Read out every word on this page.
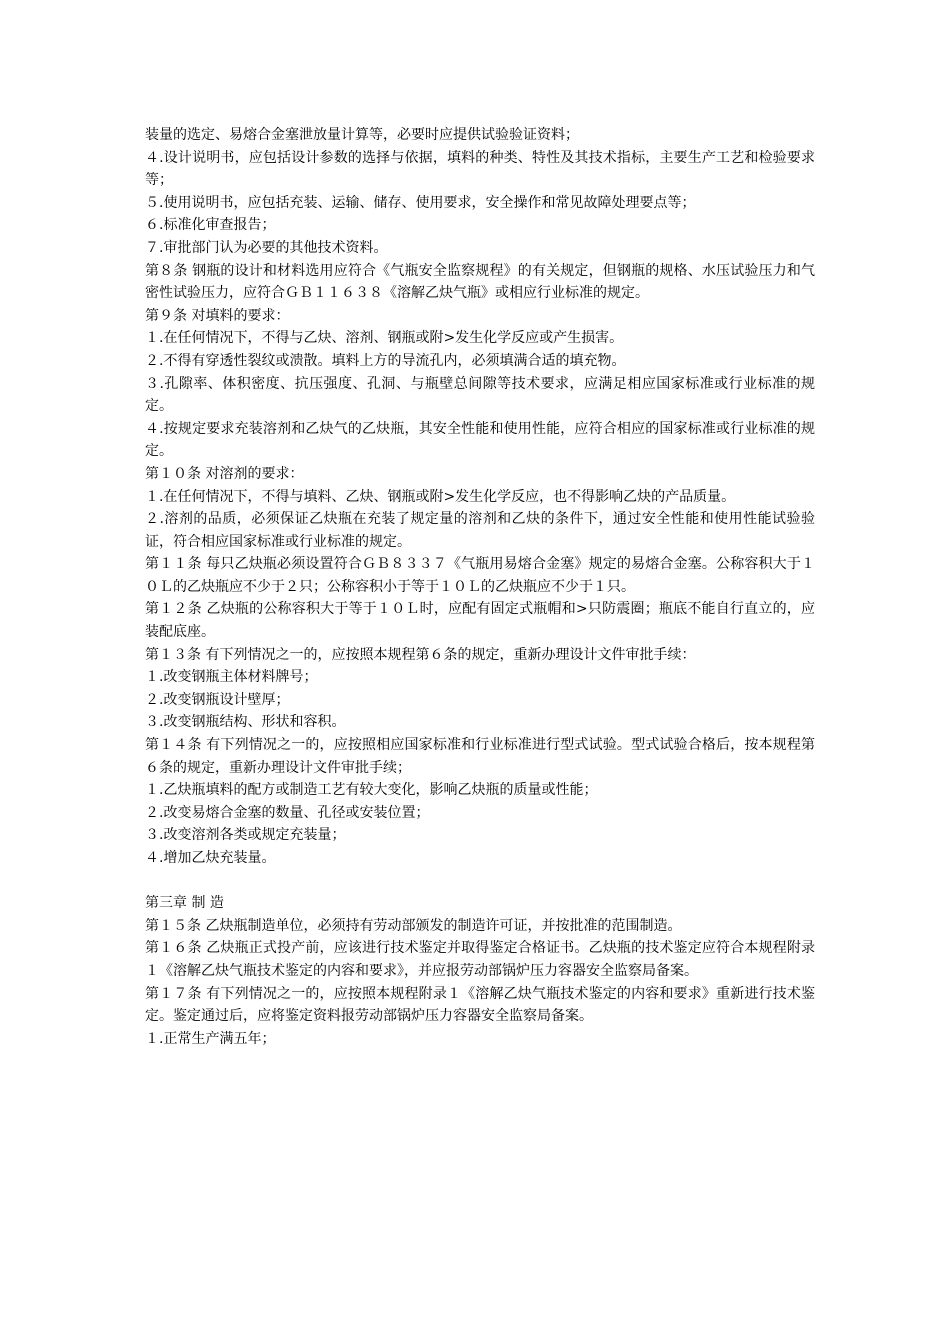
装量的选定、易熔合金塞泄放量计算等，必要时应提供试验验证资料；

４.设计说明书，应包括设计参数的选择与依据，填料的种类、特性及其技术指标，主要生产工艺和检验要求等；

５.使用说明书，应包括充装、运输、储存、使用要求，安全操作和常见故障处理要点等；

６.标准化审查报告；

７.审批部门认为必要的其他技术资料。

第８条 钢瓶的设计和材料选用应符合《气瓶安全监察规程》的有关规定，但钢瓶的规格、水压试验压力和气密性试验压力，应符合ＧＢ１１６３８《溶解乙炔气瓶》或相应行业标准的规定。

第９条 对填料的要求：

１.在任何情况下，不得与乙炔、溶剂、钢瓶或附>发生化学反应或产生损害。

２.不得有穿透性裂纹或溃散。填料上方的导流孔内，必须填满合适的填充物。

３.孔隙率、体积密度、抗压强度、孔洞、与瓶壁总间隙等技术要求，应满足相应国家标准或行业标准的规定。

４.按规定要求充装溶剂和乙炔气的乙炔瓶，其安全性能和使用性能，应符合相应的国家标准或行业标准的规定。

第１０条 对溶剂的要求：

１.在任何情况下，不得与填料、乙炔、钢瓶或附>发生化学反应，也不得影响乙炔的产品质量。

２.溶剂的品质，必须保证乙炔瓶在充装了规定量的溶剂和乙炔的条件下，通过安全性能和使用性能试验验证，符合相应国家标准或行业标准的规定。

第１１条 每只乙炔瓶必须设置符合ＧＢ８３３７《气瓶用易熔合金塞》规定的易熔合金塞。公称容积大于１０Ｌ的乙炔瓶应不少于２只；公称容积小于等于１０Ｌ的乙炔瓶应不少于１只。

第１２条 乙炔瓶的公称容积大于等于１０Ｌ时，应配有固定式瓶帽和>只防震圈；瓶底不能自行直立的，应装配底座。

第１３条 有下列情况之一的，应按照本规程第６条的规定，重新办理设计文件审批手续：

１.改变钢瓶主体材料牌号；

２.改变钢瓶设计壁厚；

３.改变钢瓶结构、形状和容积。

第１４条 有下列情况之一的，应按照相应国家标准和行业标准进行型式试验。型式试验合格后，按本规程第６条的规定，重新办理设计文件审批手续；

１.乙炔瓶填料的配方或制造工艺有较大变化，影响乙炔瓶的质量或性能；

２.改变易熔合金塞的数量、孔径或安装位置；

３.改变溶剂各类或规定充装量；

４.增加乙炔充装量。

第三章 制 造

第１５条 乙炔瓶制造单位，必须持有劳动部颁发的制造许可证，并按批准的范围制造。

第１６条 乙炔瓶正式投产前，应该进行技术鉴定并取得鉴定合格证书。乙炔瓶的技术鉴定应符合本规程附录１《溶解乙炔气瓶技术鉴定的内容和要求》，并应报劳动部锅炉压力容器安全监察局备案。

第１７条 有下列情况之一的，应按照本规程附录１《溶解乙炔气瓶技术鉴定的内容和要求》重新进行技术鉴定。鉴定通过后，应将鉴定资料报劳动部锅炉压力容器安全监察局备案。

１.正常生产满五年；
